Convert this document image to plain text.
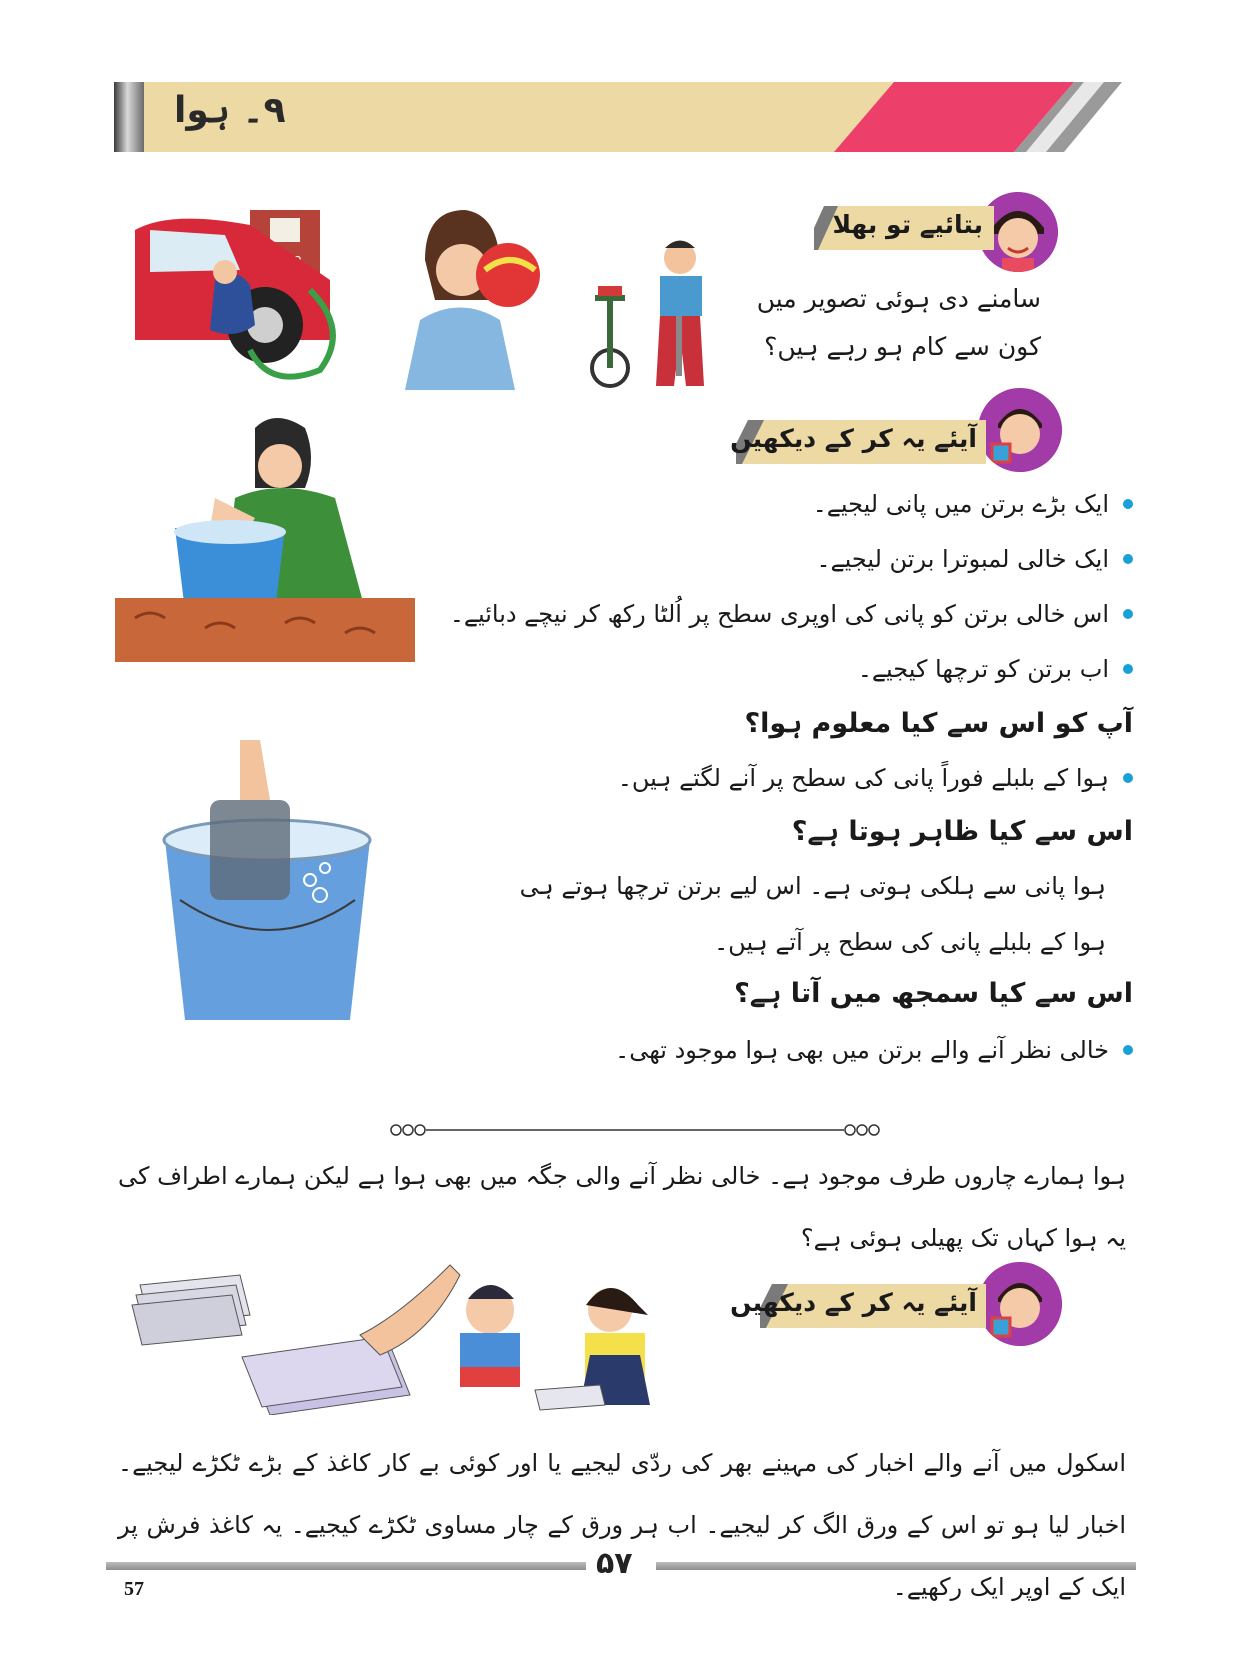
۹۔ ہوا
بتائیے تو بھلا
سامنے دی ہوئی تصویر میں
کون سے کام ہو رہے ہیں؟
آیئے یہ کر کے دیکھیں
ایک بڑے برتن میں پانی لیجیے۔
ایک خالی لمبوترا برتن لیجیے۔
اس خالی برتن کو پانی کی اوپری سطح پر اُلٹا رکھ کر نیچے دبائیے۔
اب برتن کو ترچھا کیجیے۔
آپ کو اس سے کیا معلوم ہوا؟
ہوا کے بلبلے فوراً پانی کی سطح پر آنے لگتے ہیں۔
اس سے کیا ظاہر ہوتا ہے؟
ہوا پانی سے ہلکی ہوتی ہے۔ اس لیے برتن ترچھا ہوتے ہی
ہوا کے بلبلے پانی کی سطح پر آتے ہیں۔
اس سے کیا سمجھ میں آتا ہے؟
خالی نظر آنے والے برتن میں بھی ہوا موجود تھی۔
ہوا ہمارے چاروں طرف موجود ہے۔ خالی نظر آنے والی جگہ میں بھی ہوا ہے لیکن ہمارے اطراف کی یہ ہوا کہاں تک پھیلی ہوئی ہے؟
آیئے یہ کر کے دیکھیں
اسکول میں آنے والے اخبار کی مہینے بھر کی ردّی لیجیے یا اور کوئی بے کار کاغذ کے بڑے ٹکڑے لیجیے۔ اخبار لیا ہو تو اس کے ورق الگ کر لیجیے۔ اب ہر ورق کے چار مساوی ٹکڑے کیجیے۔ یہ کاغذ فرش پر ایک کے اوپر ایک رکھیے۔
۵۷
57
